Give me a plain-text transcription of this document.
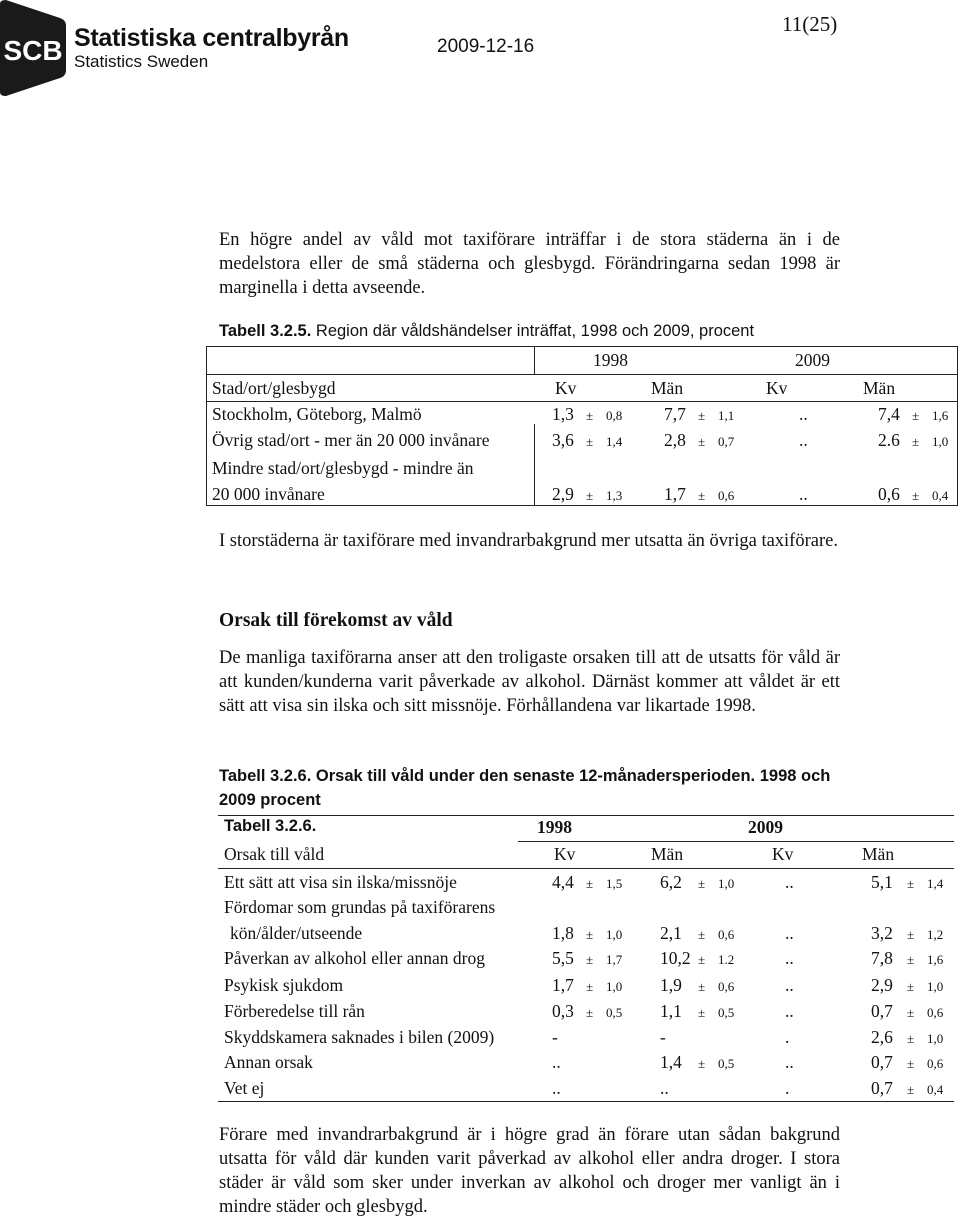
SCB Statistiska centralbyrån
Statistics Sweden
2009-12-16
11(25)
En högre andel av våld mot taxiförare inträffar i de stora städerna än i de medelstora eller de små städerna och glesbygd. Förändringarna sedan 1998 är marginella i detta avseende.
Tabell 3.2.5. Region där våldshändelser inträffat, 1998 och 2009, procent
1998	2009
Stad/ort/glesbygd	Kv	Män	Kv	Män
Stockholm, Göteborg, Malmö	1,3 ± 0,8 7,7 ± 1,1	..	7,4 ± 1,6
Övrig stad/ort - mer än 20 000 invånare	3,6 ± 1,4 2,8 ± 0,7	..	2.6 ± 1,0
Mindre stad/ort/glesbygd - mindre än
20 000 invånare	2,9 ± 1,3 1,7 ± 0,6	..	0,6 ± 0,4
I storstäderna är taxiförare med invandrarbakgrund mer utsatta än övriga taxiförare.
Orsak till förekomst av våld
De manliga taxiförarna anser att den troligaste orsaken till att de utsatts för våld är att kunden/kunderna varit påverkade av alkohol. Därnäst kommer att våldet är ett sätt att visa sin ilska och sitt missnöje. Förhållandena var likartade 1998.
Tabell 3.2.6. Orsak till våld under den senaste 12-månadersperioden. 1998 och
2009 procent
Tabell 3.2.6.	1998	2009
Orsak till våld	Kv	Män	Kv	Män
Ett sätt att visa sin ilska/missnöje	4,4 ± 1,5 6,2 ± 1,0	..	5,1 ± 1,4
Fördomar som grundas på taxiförarens
kön/ålder/utseende	1,8 ± 1,0 2,1 ± 0,6	..	3,2 ± 1,2
Påverkan av alkohol eller annan drog	5,5 ± 1,7 10,2 ± 1.2	..	7,8 ± 1,6
Psykisk sjukdom	1,7 ± 1,0 1,9 ± 0,6	..	2,9 ± 1,0
Förberedelse till rån	0,3 ± 0,5 1,1 ± 0,5	..	0,7 ± 0,6
Skyddskamera saknades i bilen (2009)	-	-	.	2,6 ± 1,0
Annan orsak	..	1,4 ± 0,5	..	0,7 ± 0,6
Vet ej	..	..	.	0,7 ± 0,4
Förare med invandrarbakgrund är i högre grad än förare utan sådan bakgrund utsatta för våld där kunden varit påverkad av alkohol eller andra droger. I stora städer är våld som sker under inverkan av alkohol och droger mer vanligt än i mindre städer och glesbygd.
